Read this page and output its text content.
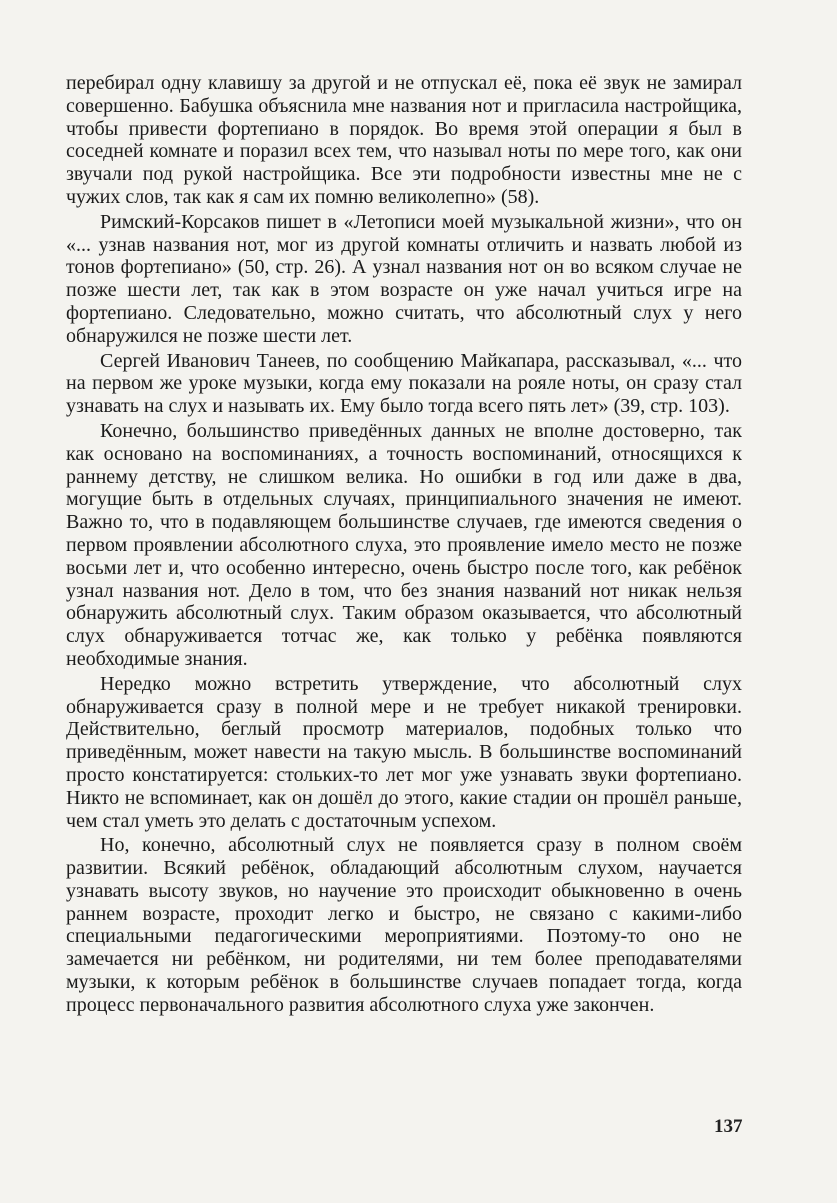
перебирал одну клавишу за другой и не отпускал её, пока её звук не замирал совершенно. Бабушка объяснила мне названия нот и пригласила настройщика, чтобы привести фортепиано в порядок. Во время этой операции я был в соседней комнате и поразил всех тем, что называл ноты по мере того, как они звучали под рукой настройщика. Все эти подробности известны мне не с чужих слов, так как я сам их помню великолепно» (58).

Римский-Корсаков пишет в «Летописи моей музыкальной жизни», что он «... узнав названия нот, мог из другой комнаты отличить и назвать любой из тонов фортепиано» (50, стр. 26). А узнал названия нот он во всяком случае не позже шести лет, так как в этом возрасте он уже начал учиться игре на фортепиано. Следовательно, можно считать, что абсолютный слух у него обнаружился не позже шести лет.

Сергей Иванович Танеев, по сообщению Майкапара, рассказывал, «... что на первом же уроке музыки, когда ему показали на рояле ноты, он сразу стал узнавать на слух и называть их. Ему было тогда всего пять лет» (39, стр. 103).

Конечно, большинство приведённых данных не вполне достоверно, так как основано на воспоминаниях, а точность воспоминаний, относящихся к раннему детству, не слишком велика. Но ошибки в год или даже в два, могущие быть в отдельных случаях, принципиального значения не имеют. Важно то, что в подавляющем большинстве случаев, где имеются сведения о первом проявлении абсолютного слуха, это проявление имело место не позже восьми лет и, что особенно интересно, очень быстро после того, как ребёнок узнал названия нот. Дело в том, что без знания названий нот никак нельзя обнаружить абсолютный слух. Таким образом оказывается, что абсолютный слух обнаруживается тотчас же, как только у ребёнка появляются необходимые знания.

Нередко можно встретить утверждение, что абсолютный слух обнаруживается сразу в полной мере и не требует никакой тренировки. Действительно, беглый просмотр материалов, подобных только что приведённым, может навести на такую мысль. В большинстве воспоминаний просто констатируется: стольких-то лет мог уже узнавать звуки фортепиано. Никто не вспоминает, как он дошёл до этого, какие стадии он прошёл раньше, чем стал уметь это делать с достаточным успехом.

Но, конечно, абсолютный слух не появляется сразу в полном своём развитии. Всякий ребёнок, обладающий абсолютным слухом, научается узнавать высоту звуков, но научение это происходит обыкновенно в очень раннем возрасте, проходит легко и быстро, не связано с какими-либо специальными педагогическими мероприятиями. Поэтому-то оно не замечается ни ребёнком, ни родителями, ни тем более преподавателями музыки, к которым ребёнок в большинстве случаев попадает тогда, когда процесс первоначального развития абсолютного слуха уже закончен.

137
